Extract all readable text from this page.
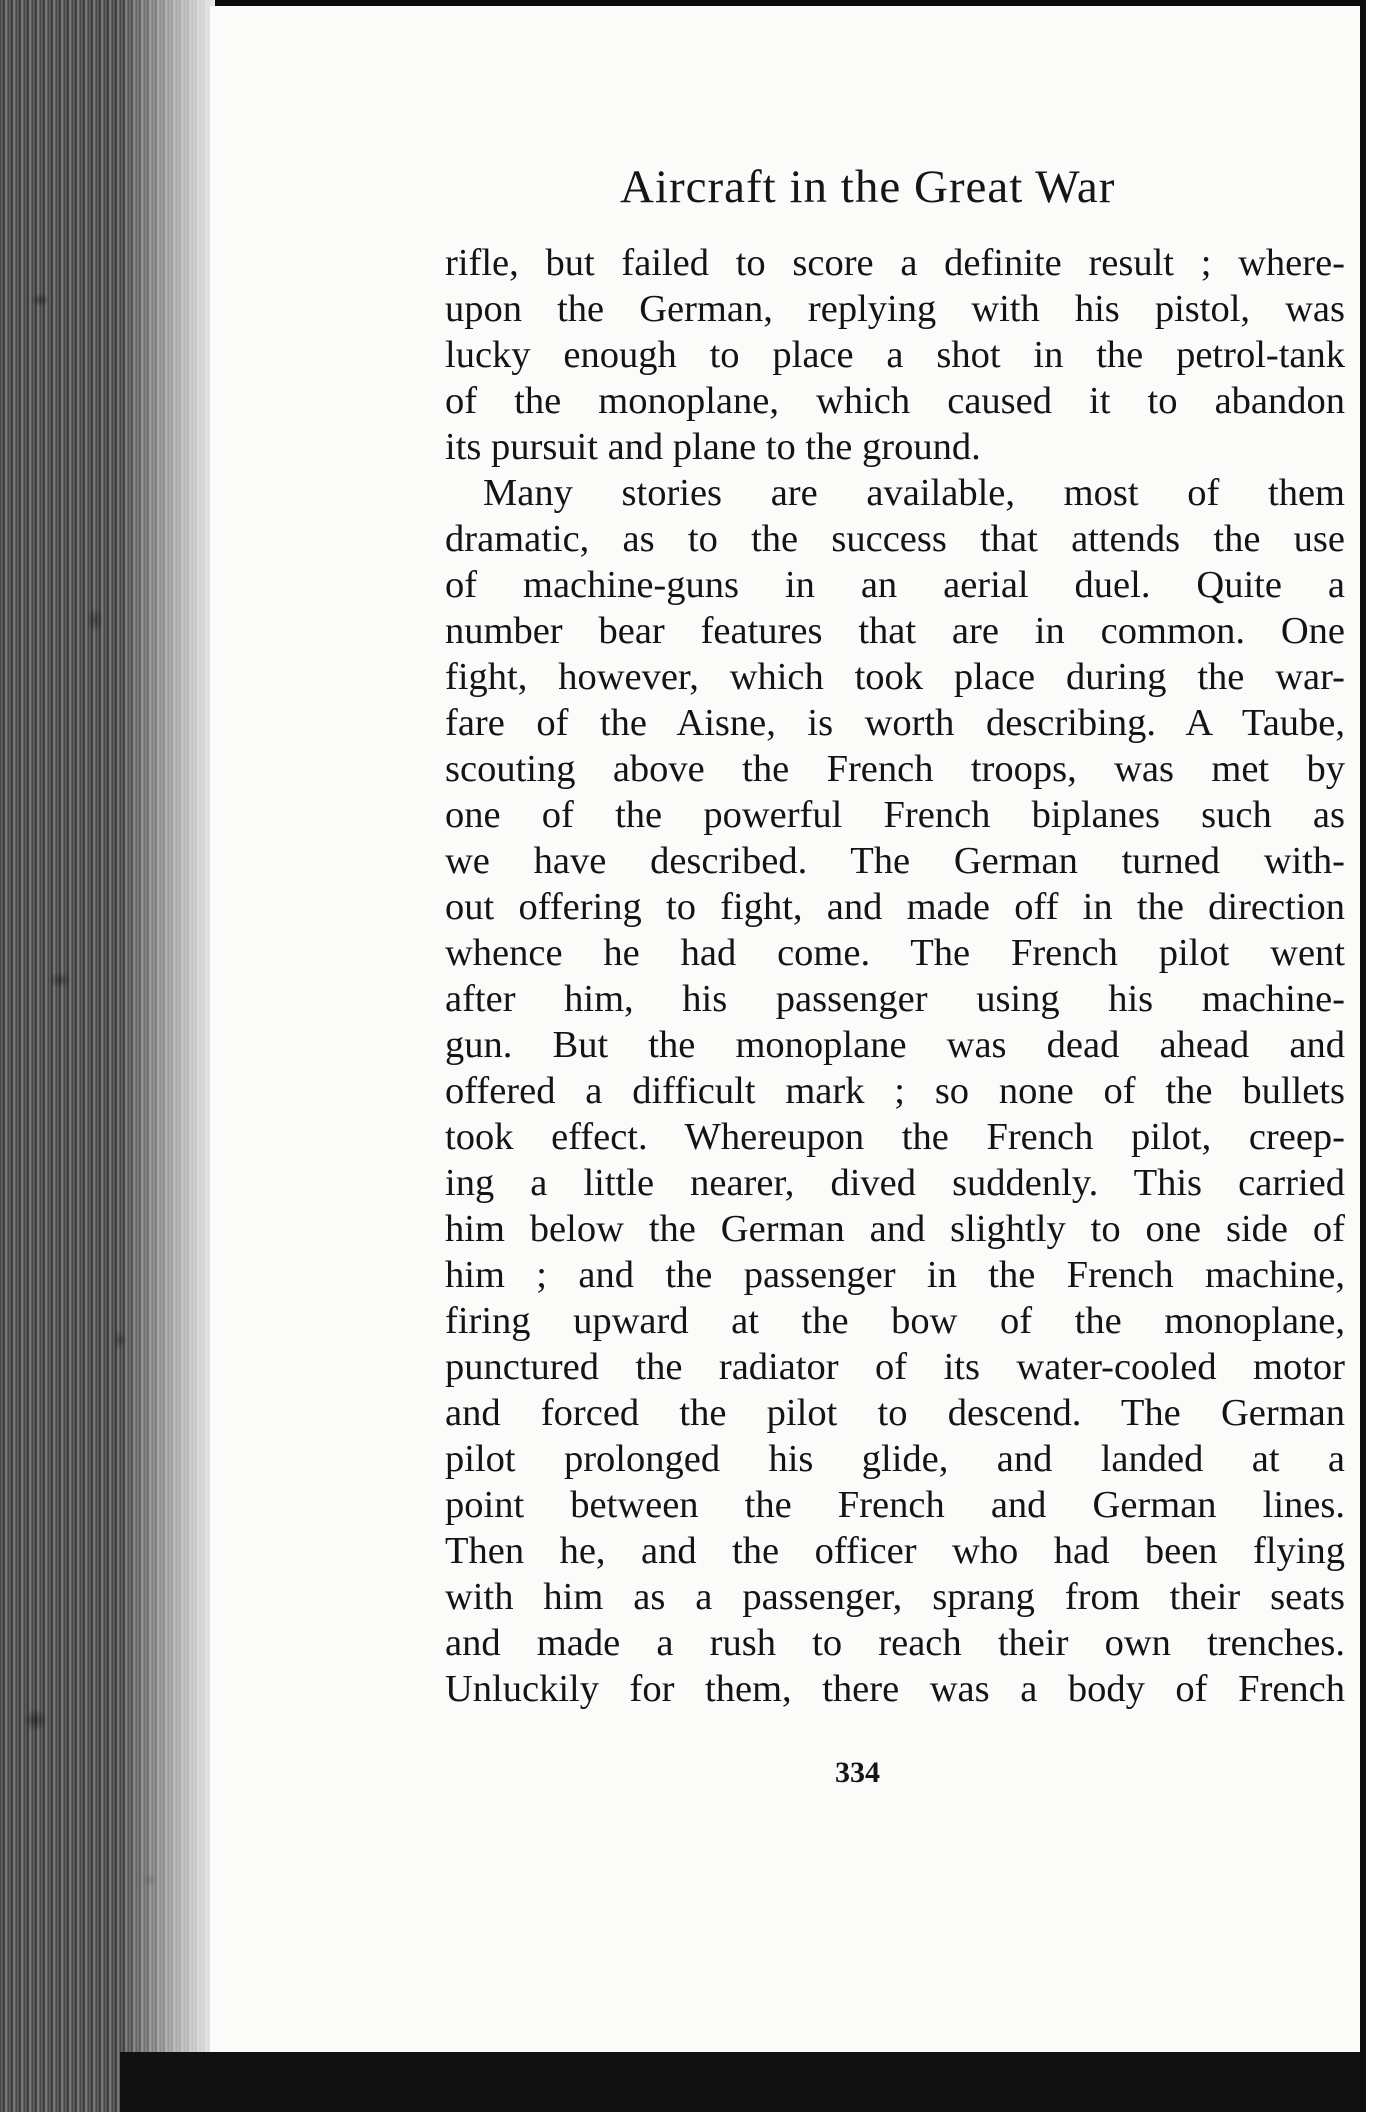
Aircraft in the Great War
rifle, but failed to score a definite result ; where-
upon the German, replying with his pistol, was
lucky enough to place a shot in the petrol-tank
of the monoplane, which caused it to abandon
its pursuit and plane to the ground.
Many stories are available, most of them
dramatic, as to the success that attends the use
of machine-guns in an aerial duel. Quite a
number bear features that are in common. One
fight, however, which took place during the war-
fare of the Aisne, is worth describing. A Taube,
scouting above the French troops, was met by
one of the powerful French biplanes such as
we have described. The German turned with-
out offering to fight, and made off in the direction
whence he had come. The French pilot went
after him, his passenger using his machine-
gun. But the monoplane was dead ahead and
offered a difficult mark ; so none of the bullets
took effect. Whereupon the French pilot, creep-
ing a little nearer, dived suddenly. This carried
him below the German and slightly to one side of
him ; and the passenger in the French machine,
firing upward at the bow of the monoplane,
punctured the radiator of its water-cooled motor
and forced the pilot to descend. The German
pilot prolonged his glide, and landed at a
point between the French and German lines.
Then he, and the officer who had been flying
with him as a passenger, sprang from their seats
and made a rush to reach their own trenches.
Unluckily for them, there was a body of French
334
